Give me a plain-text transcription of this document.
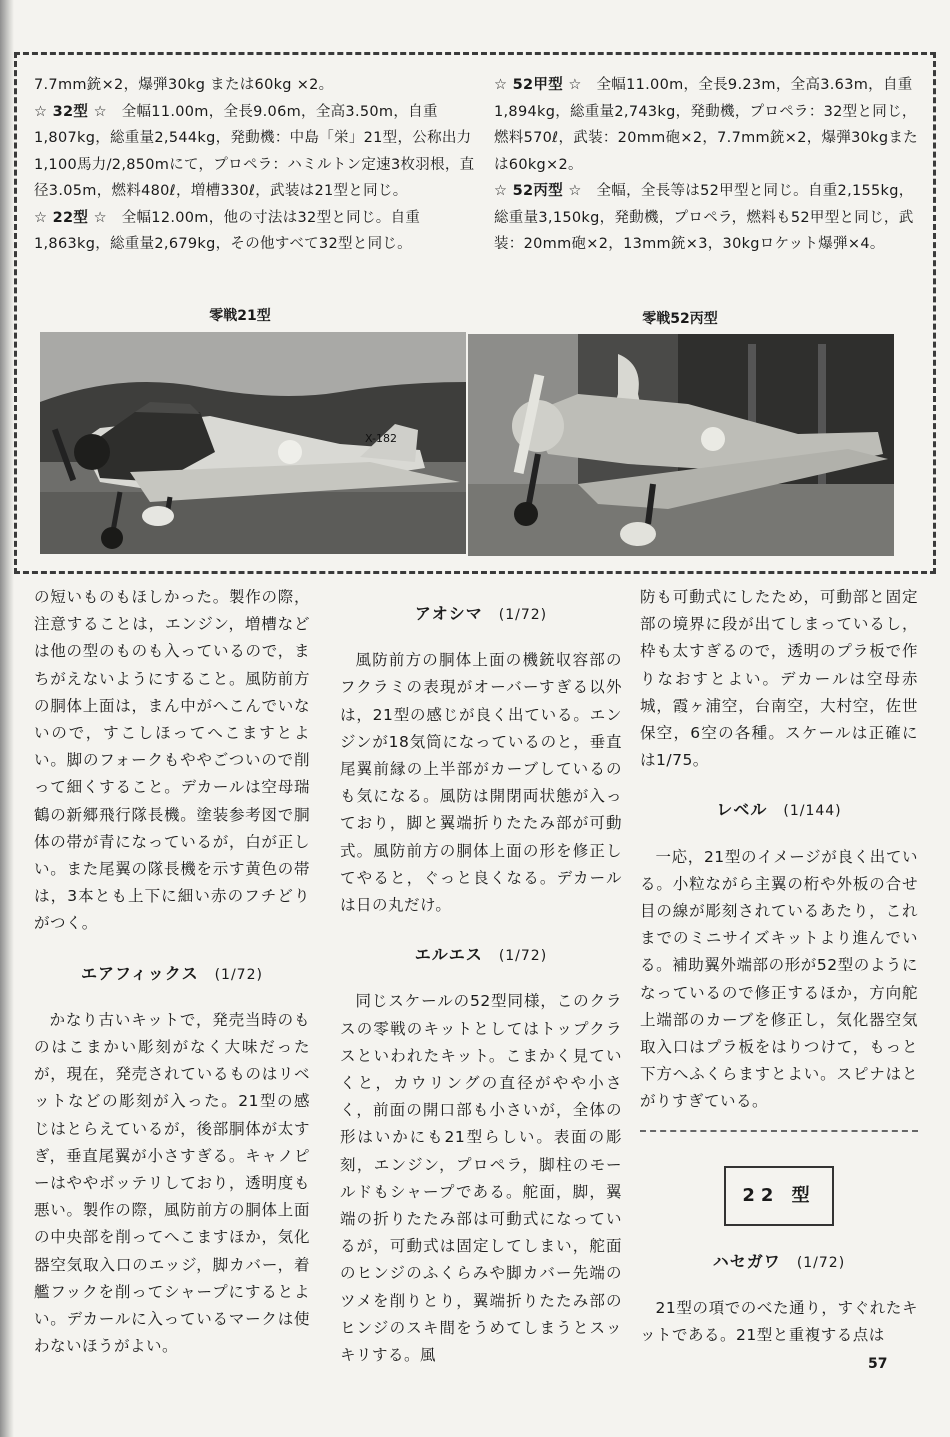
7.7mm銃×2，爆弾30kg または60kg ×2。

☆ 32型 ☆　 全幅11.00m，全長9.06m，全高3.50m，自重1,807kg，総重量2,544kg，発動機：中島「栄」21型，公称出力1,100馬力/2,850mにて，プロペラ：ハミルトン定速3枚羽根，直径3.05m，燃料480ℓ，増槽330ℓ，武装は21型と同じ。

☆ 22型 ☆　 全幅12.00m，他の寸法は32型と同じ。自重1,863kg，総重量2,679kg，その他すべて32型と同じ。

☆ 52甲型 ☆　 全幅11.00m，全長9.23m，全高3.63m，自重1,894kg，総重量2,743kg，発動機，プロペラ：32型と同じ，燃料570ℓ，武装：20mm砲×2，7.7mm銃×2，爆弾30kgまたは60kg×2。

☆ 52丙型 ☆　 全幅，全長等は52甲型と同じ。自重2,155kg，総重量3,150kg，発動機，プロペラ，燃料も52甲型と同じ，武装：20mm砲×2，13mm銃×3，30kgロケット爆弾×4。

零戦21型	零戦52丙型
X-182

の短いものもほしかった。製作の際，注意することは，エンジン，増槽などは他の型のものも入っているので，まちがえないようにすること。風防前方の胴体上面は，まん中がへこんでいないので，すこしほってへこますとよい。脚のフォークもややごついので削って細くすること。デカールは空母瑞鶴の新郷飛行隊長機。塗装参考図で胴体の帯が青になっているが，白が正しい。また尾翼の隊長機を示す黄色の帯は，3本とも上下に細い赤のフチどりがつく。

エアフィックス (1/72)

かなり古いキットで，発売当時のものはこまかい彫刻がなく大味だったが，現在，発売されているものはリベットなどの彫刻が入った。21型の感じはとらえているが，後部胴体が太すぎ，垂直尾翼が小さすぎる。キャノピーはややボッテリしており，透明度も悪い。製作の際，風防前方の胴体上面の中央部を削ってへこますほか，気化器空気取入口のエッジ，脚カバー，着艦フックを削ってシャープにするとよい。デカールに入っているマークは使わないほうがよい。

アオシマ (1/72)

風防前方の胴体上面の機銃収容部のフクラミの表現がオーバーすぎる以外は，21型の感じが良く出ている。エンジンが18気筒になっているのと，垂直尾翼前縁の上半部がカーブしているのも気になる。風防は開閉両状態が入っており，脚と翼端折りたたみ部が可動式。風防前方の胴体上面の形を修正してやると，ぐっと良くなる。デカールは日の丸だけ。

エルエス (1/72)

同じスケールの52型同様，このクラスの零戦のキットとしてはトップクラスといわれたキット。こまかく見ていくと，カウリングの直径がやや小さく，前面の開口部も小さいが，全体の形はいかにも21型らしい。表面の彫刻，エンジン，プロペラ，脚柱のモールドもシャープである。舵面，脚，翼端の折りたたみ部は可動式になっているが，可動式は固定してしまい，舵面のヒンジのふくらみや脚カバー先端のツメを削りとり，翼端折りたたみ部のヒンジのスキ間をうめてしまうとスッキリする。風

防も可動式にしたため，可動部と固定部の境界に段が出てしまっているし，枠も太すぎるので，透明のプラ板で作りなおすとよい。デカールは空母赤城，霞ヶ浦空，台南空，大村空，佐世保空，6空の各種。スケールは正確には1/75。

レベル (1/144)

一応，21型のイメージが良く出ている。小粒ながら主翼の桁や外板の合せ目の線が彫刻されているあたり，これまでのミニサイズキットより進んでいる。補助翼外端部の形が52型のようになっているので修正するほか，方向舵上端部のカーブを修正し，気化器空気取入口はプラ板をはりつけて，もっと下方へふくらますとよい。スピナはとがりすぎている。

22 型
ハセガワ (1/72)

21型の項でのべた通り，すぐれたキットである。21型と重複する点は

57
